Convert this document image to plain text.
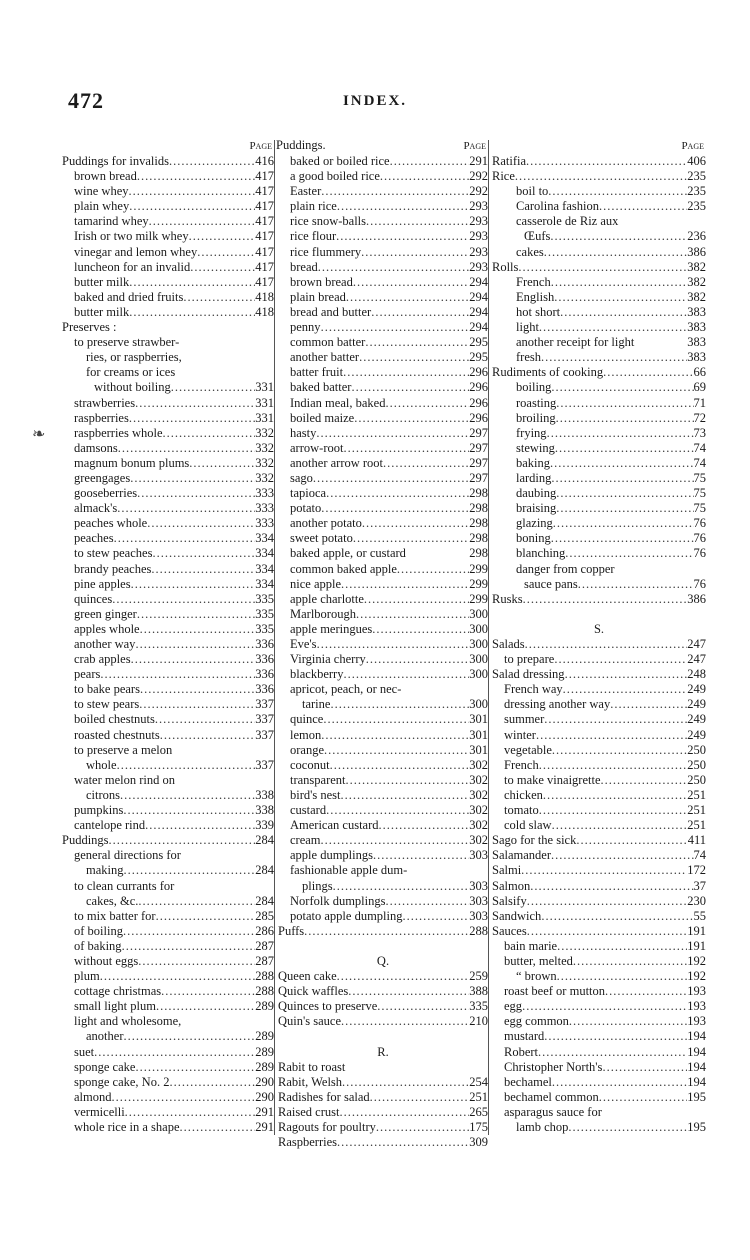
472	INDEX.
❧
Page
Puddings for invalids .....	416
brown bread .....	417
wine whey .....	417
plain whey .....	417
tamarind whey .....	417
Irish or two milk whey .....	417
vinegar and lemon whey .....	417
luncheon for an invalid .....	417
butter milk .....	417
baked and dried fruits .....	418
butter milk .....	418
Preserves :
to preserve strawber-
ries, or raspberries,
for creams or ices
without boiling .....	331
strawberries .....	331
raspberries .....	331
raspberries whole .....	332
damsons .....	332
magnum bonum plums .....	332
greengages .....	332
gooseberries .....	333
almack's .....	333
peaches whole .....	333
peaches .....	334
to stew peaches .....	334
brandy peaches .....	334
pine apples .....	334
quinces .....	335
green ginger .....	335
apples whole .....	335
another way .....	336
crab apples .....	336
pears .....	336
to bake pears .....	336
to stew pears .....	337
boiled chestnuts .....	337
roasted chestnuts .....	337
to preserve a melon
whole .....	337
water melon rind on
citrons .....	338
pumpkins .....	338
cantelope rind .....	339
Puddings .....	284
general directions for
making .....	284
to clean currants for
cakes, &c. .....	284
to mix batter for .....	285
of boiling .....	286
of baking .....	287
without eggs .....	287
plum .....	288
cottage christmas .....	288
small light plum .....	289
light and wholesome,
another .....	289
suet .....	289
sponge cake .....	289
sponge cake, No. 2 .....	290
almond .....	290
vermicelli .....	291
whole rice in a shape .....	291
Puddings.	Page
baked or boiled rice .....	291
a good boiled rice .....	292
Easter .....	292
plain rice .....	293
rice snow-balls .....	293
rice flour .....	293
rice flummery .....	293
bread .....	293
brown bread .....	294
plain bread .....	294
bread and butter .....	294
penny .....	294
common batter .....	295
another batter .....	295
batter fruit .....	296
baked batter .....	296
Indian meal, baked .....	296
boiled maize .....	296
hasty .....	297
arrow-root .....	297
another arrow root .....	297
sago .....	297
tapioca .....	298
potato .....	298
another potato .....	298
sweet potato .....	298
baked apple, or custard	298
common baked apple .....	299
nice apple .....	299
apple charlotte .....	299
Marlborough .....	300
apple meringues .....	300
Eve's .....	300
Virginia cherry .....	300
blackberry .....	300
apricot, peach, or nec-
tarine .....	300
quince .....	301
lemon .....	301
orange .....	301
coconut .....	302
transparent .....	302
bird's nest .....	302
custard .....	302
American custard .....	302
cream .....	302
apple dumplings .....	303
fashionable apple dum-
plings .....	303
Norfolk dumplings .....	303
potato apple dumpling .....	303
Puffs .....	288
Q.
Queen cake .....	259
Quick waffles .....	388
Quinces to preserve .....	335
Quin's sauce .....	210
R.
Rabit to roast
Rabit, Welsh .....	254
Radishes for salad .....	251
Raised crust .....	265
Ragouts for poultry .....	175
Raspberries .....	309
Page
Ratifia .....	406
Rice .....	235
boil to .....	235
Carolina fashion .....	235
casserole de Riz aux
Œufs .....	236
cakes .....	386
Rolls .....	382
French .....	382
English .....	382
hot short .....	383
light .....	383
another receipt for light	383
fresh .....	383
Rudiments of cooking .....	66
boiling .....	69
roasting .....	71
broiling .....	72
frying .....	73
stewing .....	74
baking .....	74
larding .....	75
daubing .....	75
braising .....	75
glazing .....	76
boning .....	76
blanching .....	76
danger from copper
sauce pans .....	76
Rusks .....	386
S.
Salads .....	247
to prepare .....	247
Salad dressing .....	248
French way .....	249
dressing another way .....	249
summer .....	249
winter .....	249
vegetable .....	250
French .....	250
to make vinaigrette .....	250
chicken .....	251
tomato .....	251
cold slaw .....	251
Sago for the sick .....	411
Salamander .....	74
Salmi .....	172
Salmon .....	37
Salsify .....	230
Sandwich .....	55
Sauces .....	191
bain marie .....	191
butter, melted .....	192
“ brown .....	192
roast beef or mutton .....	193
egg .....	193
egg common .....	193
mustard .....	194
Robert .....	194
Christopher North's .....	194
bechamel .....	194
bechamel common .....	195
asparagus sauce for
lamb chop .....	195
